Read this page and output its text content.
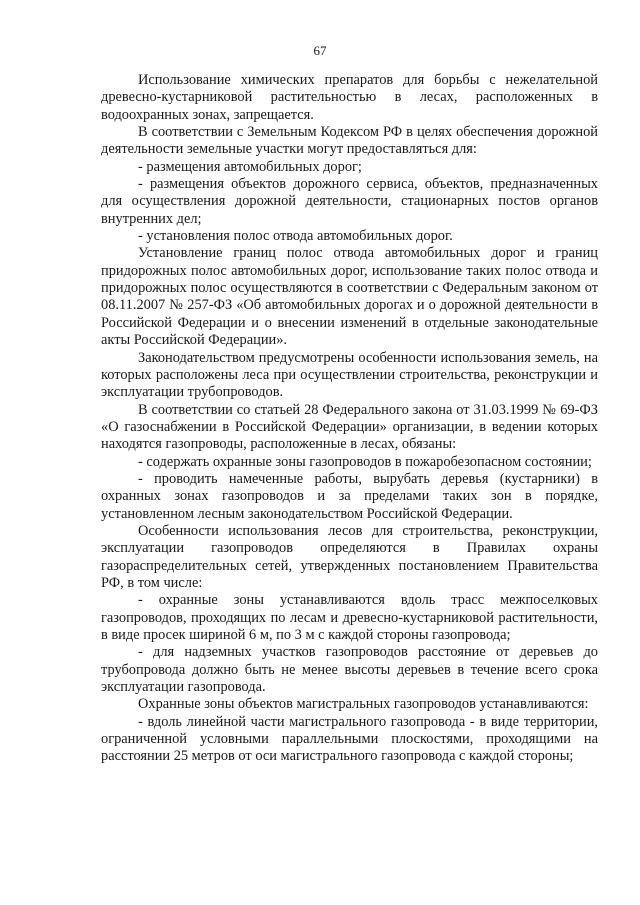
67

Использование химических препаратов для борьбы с нежелательной древесно-кустарниковой растительностью в лесах, расположенных в водоохранных зонах, запрещается.

В соответствии с Земельным Кодексом РФ в целях обеспечения дорожной деятельности земельные участки могут предоставляться для:

- размещения автомобильных дорог;

- размещения объектов дорожного сервиса, объектов, предназначенных для осуществления дорожной деятельности, стационарных постов органов внутренних дел;

- установления полос отвода автомобильных дорог.

Установление границ полос отвода автомобильных дорог и границ придорожных полос автомобильных дорог, использование таких полос отвода и придорожных полос осуществляются в соответствии с Федеральным законом от 08.11.2007 № 257-ФЗ «Об автомобильных дорогах и о дорожной деятельности в Российской Федерации и о внесении изменений в отдельные законодательные акты Российской Федерации».

Законодательством предусмотрены особенности использования земель, на которых расположены леса при осуществлении строительства, реконструкции и эксплуатации трубопроводов.

В соответствии со статьей 28 Федерального закона от 31.03.1999 № 69-ФЗ «О газоснабжении в Российской Федерации» организации, в ведении которых находятся газопроводы, расположенные в лесах, обязаны:

- содержать охранные зоны газопроводов в пожаробезопасном состоянии;

- проводить намеченные работы, вырубать деревья (кустарники) в охранных зонах газопроводов и за пределами таких зон в порядке, установленном лесным законодательством Российской Федерации.

Особенности использования лесов для строительства, реконструкции, эксплуатации газопроводов определяются в Правилах охраны газораспределительных сетей, утвержденных постановлением Правительства РФ, в том числе:

- охранные зоны устанавливаются вдоль трасс межпоселковых газопроводов, проходящих по лесам и древесно-кустарниковой растительности, в виде просек шириной 6 м, по 3 м с каждой стороны газопровода;

- для надземных участков газопроводов расстояние от деревьев до трубопровода должно быть не менее высоты деревьев в течение всего срока эксплуатации газопровода.

Охранные зоны объектов магистральных газопроводов устанавливаются:

- вдоль линейной части магистрального газопровода - в виде территории, ограниченной условными параллельными плоскостями, проходящими на расстоянии 25 метров от оси магистрального газопровода с каждой стороны;
